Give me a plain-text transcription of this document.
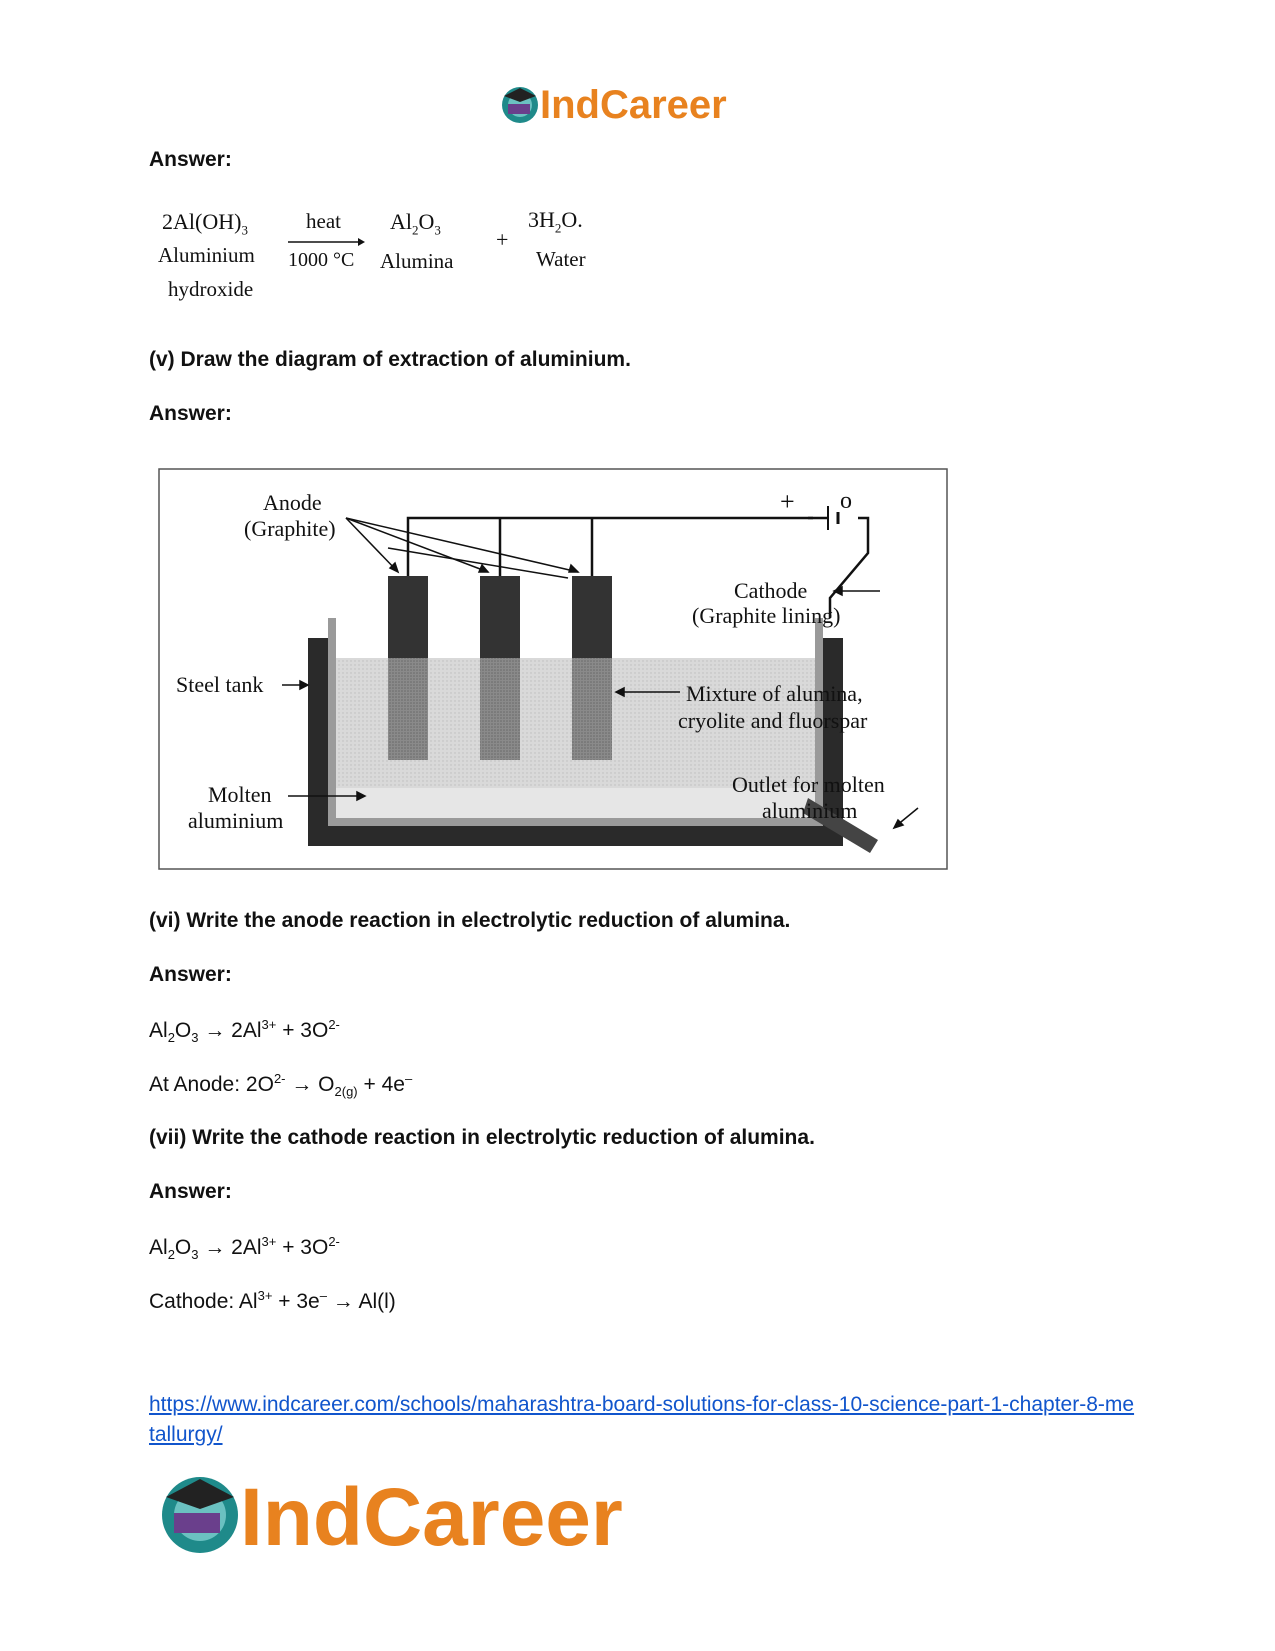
IndCareer
Answer:
$2Al(OH)_3$
Aluminium
hydroxide
heat
1000 °C
$Al_2O_3$
Alumina
+
$3H_2O$.
Water
(v) Draw the diagram of extraction of aluminium.
Answer:
Anode
(Graphite)
+ o
Cathode
(Graphite lining)
Steel tank	Mixture of alumina,
cryolite and fluorspar
Molten
aluminium
Outlet for molten
aluminium
(vi) Write the anode reaction in electrolytic reduction of alumina.
Answer:
$Al_2O_3 \to 2Al^{3+} + 3O^{2-}$
At Anode: $2O^{2-} \to O_{2(g)} + 4e^-$
(vii) Write the cathode reaction in electrolytic reduction of alumina.
Answer:
$Al_2O_3 \to 2Al^{3+} + 3O^{2-}$
Cathode: $Al^{3+} + 3e^- \to Al(l)$
https://www.indcareer.com/schools/maharashtra-board-solutions-for-class-10-science-part-1-chapter-8-metallurgy/
IndCareer
